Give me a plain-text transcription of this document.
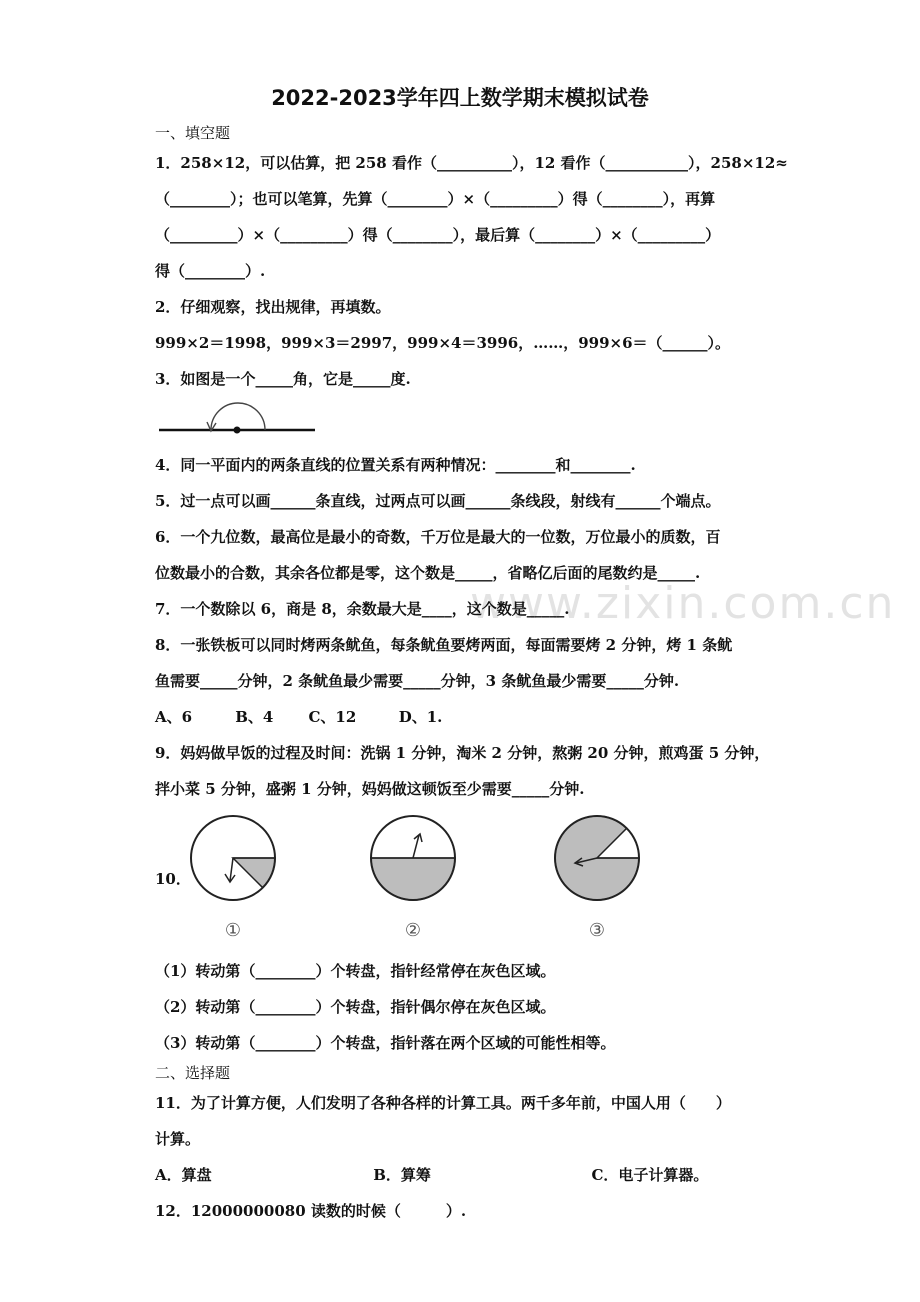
www.zixin.com.cn
2022-2023学年四上数学期末模拟试卷
一、填空题
1．258×12，可以估算，把 258 看作（__________），12 看作（___________），258×12≈
（________）；也可以笔算，先算（________）×（_________）得（________），再算
（_________）×（_________）得（________），最后算（________）×（_________）
得（________）.
2．仔细观察，找出规律，再填数。
999×2＝1998，999×3＝2997，999×4＝3996，……，999×6＝（______）。
3．如图是一个_____角，它是_____度.
4．同一平面内的两条直线的位置关系有两种情况：________和________.
5．过一点可以画______条直线，过两点可以画______条线段，射线有______个端点。
6．一个九位数，最高位是最小的奇数，千万位是最大的一位数，万位最小的质数，百
位数最小的合数，其余各位都是零，这个数是_____，省略亿后面的尾数约是_____.
7．一个数除以 6，商是 8，余数最大是____，这个数是_____.
8．一张铁板可以同时烤两条鱿鱼，每条鱿鱼要烤两面，每面需要烤 2 分钟，烤 1 条鱿
鱼需要_____分钟，2 条鱿鱼最少需要_____分钟，3 条鱿鱼最少需要_____分钟.
A、6	B、4 C、12	D、1.
9．妈妈做早饭的过程及时间：洗锅 1 分钟，淘米 2 分钟，熬粥 20 分钟，煎鸡蛋 5 分钟，
拌小菜 5 分钟，盛粥 1 分钟，妈妈做这顿饭至少需要_____分钟.
10．
①	②	③
（1）转动第（________）个转盘，指针经常停在灰色区域。
（2）转动第（________）个转盘，指针偶尔停在灰色区域。
（3）转动第（________）个转盘，指针落在两个区域的可能性相等。
二、选择题
11．为了计算方便，人们发明了各种各样的计算工具。两千多年前，中国人用（　　）
计算。
A．算盘	B．算筹	C．电子计算器。
12．12000000080 读数的时候（　　　）.
